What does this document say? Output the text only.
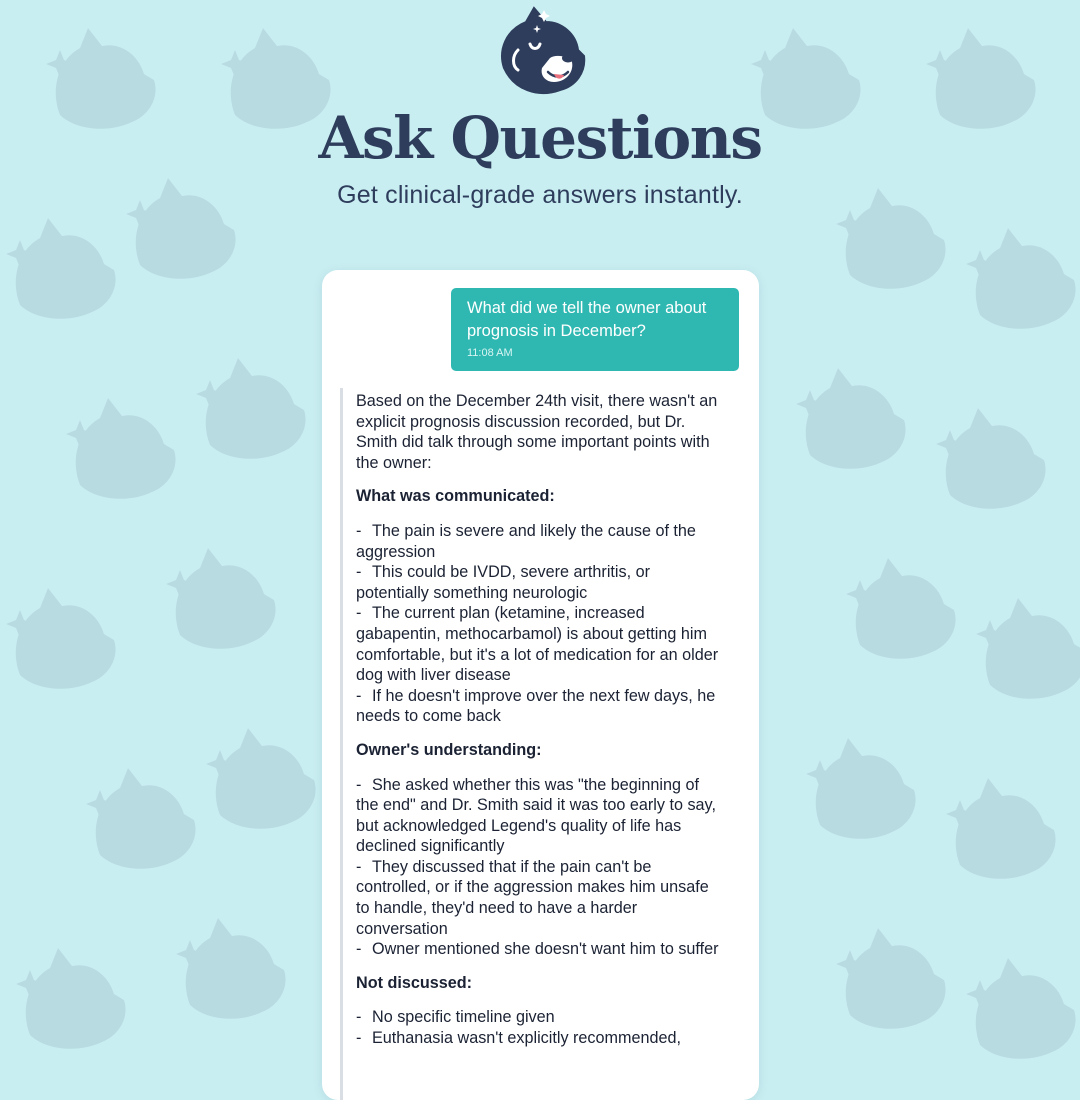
Ask Questions

Get clinical-grade answers instantly.

What did we tell the owner about prognosis in December?

11:08 AM

Based on the December 24th visit, there wasn't an explicit prognosis discussion recorded, but Dr. Smith did talk through some important points with the owner:

What was communicated:

- The pain is severe and likely the cause of the aggression
- This could be IVDD, severe arthritis, or potentially something neurologic
- The current plan (ketamine, increased gabapentin, methocarbamol) is about getting him comfortable, but it's a lot of medication for an older dog with liver disease
- If he doesn't improve over the next few days, he needs to come back

Owner's understanding:

- She asked whether this was "the beginning of the end" and Dr. Smith said it was too early to say, but acknowledged Legend's quality of life has declined significantly
- They discussed that if the pain can't be controlled, or if the aggression makes him unsafe to handle, they'd need to have a harder conversation
- Owner mentioned she doesn't want him to suffer

Not discussed:

- No specific timeline given
- Euthanasia wasn't explicitly recommended,
